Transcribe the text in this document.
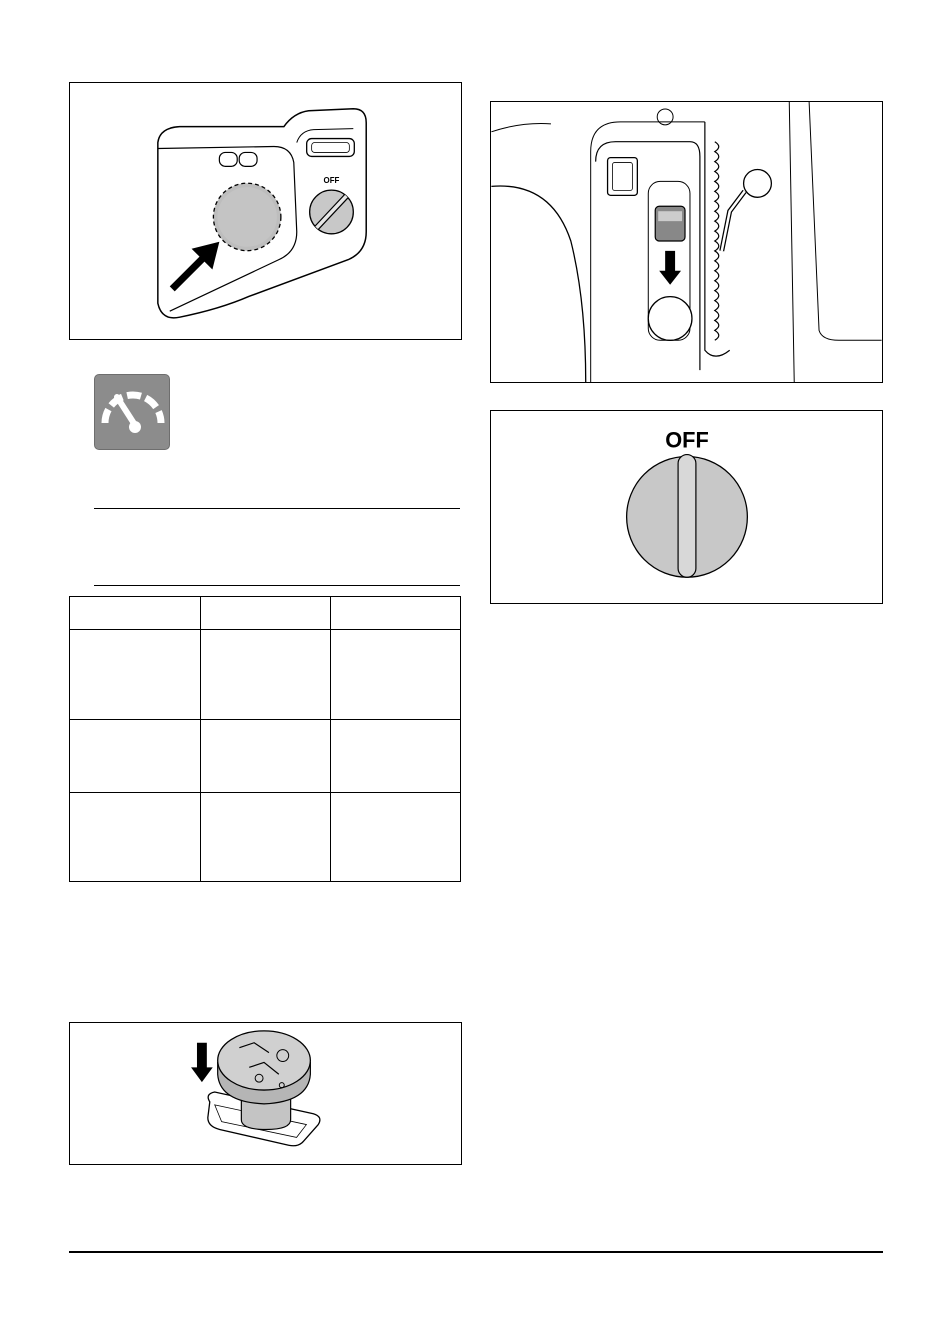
OFF

OFF
